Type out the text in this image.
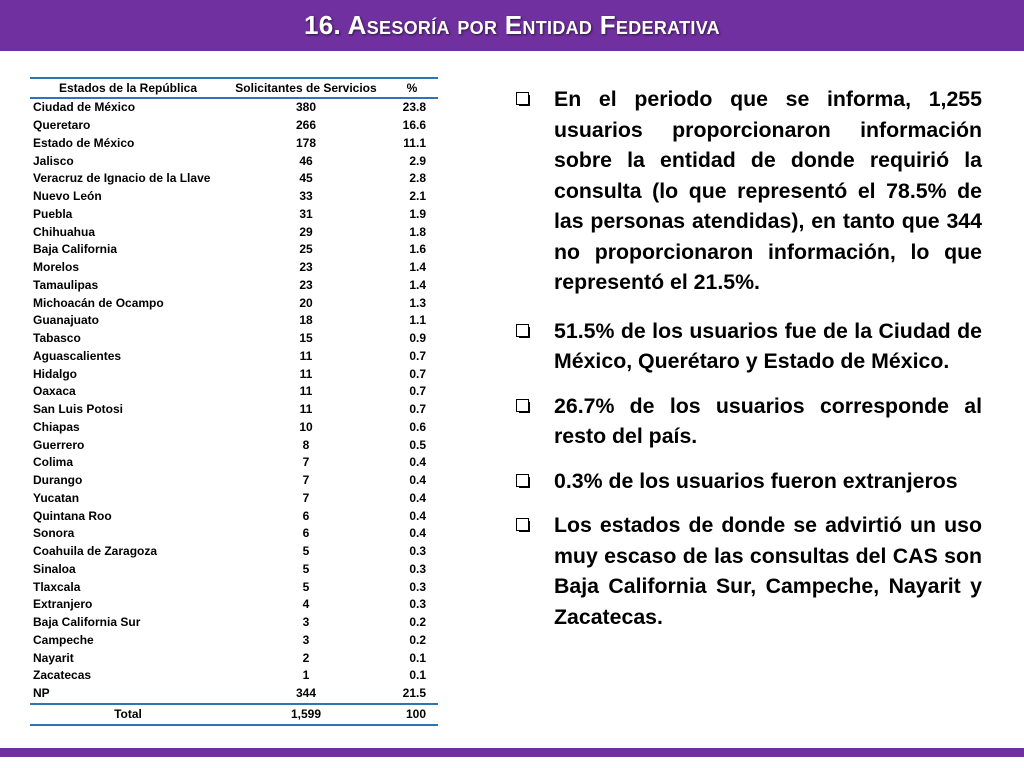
16. Asesoría por Entidad Federativa
Estados de la República	Solicitantes de Servicios	%
Ciudad de México	380	23.8
Queretaro	266	16.6
Estado de México	178	11.1
Jalisco	46	2.9
Veracruz de Ignacio de la Llave	45	2.8
Nuevo León	33	2.1
Puebla	31	1.9
Chihuahua	29	1.8
Baja California	25	1.6
Morelos	23	1.4
Tamaulipas	23	1.4
Michoacán de Ocampo	20	1.3
Guanajuato	18	1.1
Tabasco	15	0.9
Aguascalientes	11	0.7
Hidalgo	11	0.7
Oaxaca	11	0.7
San Luis Potosi	11	0.7
Chiapas	10	0.6
Guerrero	8	0.5
Colima	7	0.4
Durango	7	0.4
Yucatan	7	0.4
Quintana Roo	6	0.4
Sonora	6	0.4
Coahuila de Zaragoza	5	0.3
Sinaloa	5	0.3
Tlaxcala	5	0.3
Extranjero	4	0.3
Baja California Sur	3	0.2
Campeche	3	0.2
Nayarit	2	0.1
Zacatecas	1	0.1
NP	344	21.5
Total	1,599	100

En el periodo que se informa, 1,255 usuarios proporcionaron información sobre la entidad de donde requirió la consulta (lo que representó el 78.5% de las personas atendidas), en tanto que 344 no proporcionaron información, lo que representó el 21.5%.

51.5% de los usuarios fue de la Ciudad de México, Querétaro y Estado de México.

26.7% de los usuarios corresponde al resto del país.

0.3% de los usuarios fueron extranjeros

Los estados de donde se advirtió un uso muy escaso de las consultas del CAS son Baja California Sur, Campeche, Nayarit y Zacatecas.
